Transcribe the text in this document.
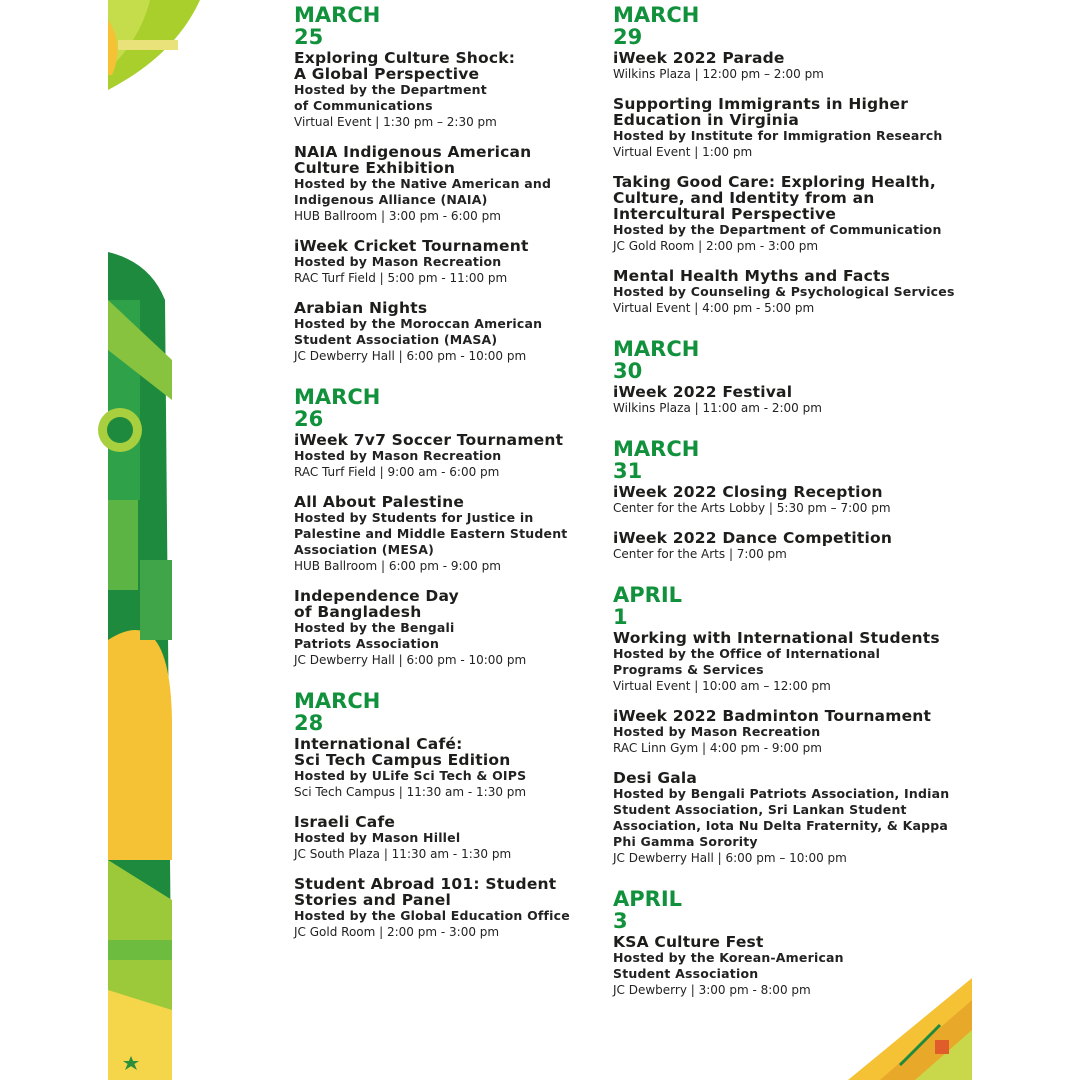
MARCH
25
Exploring Culture Shock:
A Global Perspective
Hosted by the Department
of Communications
Virtual Event | 1:30 pm – 2:30 pm
NAIA Indigenous American
Culture Exhibition
Hosted by the Native American and
Indigenous Alliance (NAIA)
HUB Ballroom | 3:00 pm - 6:00 pm
iWeek Cricket Tournament
Hosted by Mason Recreation
RAC Turf Field | 5:00 pm - 11:00 pm
Arabian Nights
Hosted by the Moroccan American
Student Association (MASA)
JC Dewberry Hall | 6:00 pm - 10:00 pm
MARCH
26
iWeek 7v7 Soccer Tournament
Hosted by Mason Recreation
RAC Turf Field | 9:00 am - 6:00 pm
All About Palestine
Hosted by Students for Justice in
Palestine and Middle Eastern Student
Association (MESA)
HUB Ballroom | 6:00 pm - 9:00 pm
Independence Day
of Bangladesh
Hosted by the Bengali
Patriots Association
JC Dewberry Hall | 6:00 pm - 10:00 pm
MARCH
28
International Café:
Sci Tech Campus Edition
Hosted by ULife Sci Tech & OIPS
Sci Tech Campus | 11:30 am - 1:30 pm
Israeli Cafe
Hosted by Mason Hillel
JC South Plaza | 11:30 am - 1:30 pm
Student Abroad 101: Student
Stories and Panel
Hosted by the Global Education Office
JC Gold Room | 2:00 pm - 3:00 pm
MARCH
29
iWeek 2022 Parade
Wilkins Plaza | 12:00 pm – 2:00 pm
Supporting Immigrants in Higher
Education in Virginia
Hosted by Institute for Immigration Research
Virtual Event | 1:00 pm
Taking Good Care: Exploring Health,
Culture, and Identity from an
Intercultural Perspective
Hosted by the Department of Communication
JC Gold Room | 2:00 pm - 3:00 pm
Mental Health Myths and Facts
Hosted by Counseling & Psychological Services
Virtual Event | 4:00 pm - 5:00 pm
MARCH
30
iWeek 2022 Festival
Wilkins Plaza | 11:00 am - 2:00 pm
MARCH
31
iWeek 2022 Closing Reception
Center for the Arts Lobby | 5:30 pm – 7:00 pm
iWeek 2022 Dance Competition
Center for the Arts | 7:00 pm
APRIL
1
Working with International Students
Hosted by the Office of International
Programs & Services
Virtual Event | 10:00 am – 12:00 pm
iWeek 2022 Badminton Tournament
Hosted by Mason Recreation
RAC Linn Gym | 4:00 pm - 9:00 pm
Desi Gala
Hosted by Bengali Patriots Association, Indian
Student Association, Sri Lankan Student
Association, Iota Nu Delta Fraternity, & Kappa
Phi Gamma Sorority
JC Dewberry Hall | 6:00 pm – 10:00 pm
APRIL
3
KSA Culture Fest
Hosted by the Korean-American
Student Association
JC Dewberry | 3:00 pm - 8:00 pm
